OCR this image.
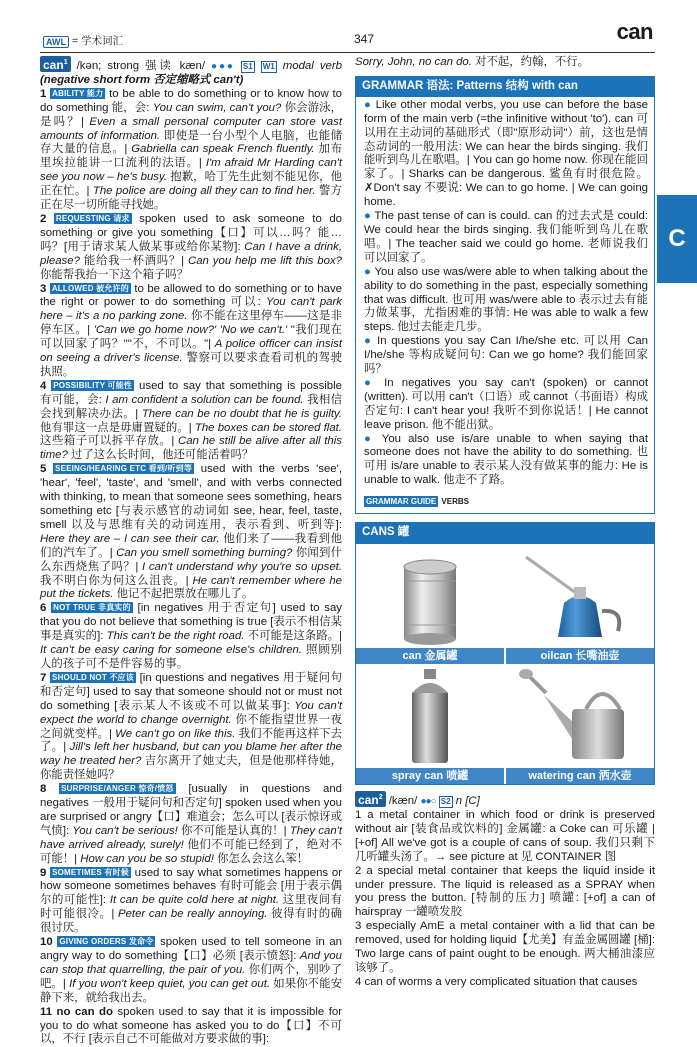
AWL = 学术词汇	347	can
C

can$^1$ /kən; strong 强读 kæn/ ●●● S1 W1 modal verb (negative short form 否定缩略式 can't)

1 ABILITY 能力 to be able to do something or to know how to do something 能，会: You can swim, can't you? 你会游泳，是吗？| Even a small personal computer can store vast amounts of information. 即使是一台小型个人电脑，也能储存大量的信息。| Gabriella can speak French fluently. 加布里埃拉能讲一口流利的法语。| I'm afraid Mr Harding can't see you now – he's busy. 抱歉，哈丁先生此刻不能见你，他正在忙。| The police are doing all they can to find her. 警方正在尽一切所能寻找她。

2 REQUESTING 请求 spoken used to ask someone to do something or give you something【口】可以…吗？能…吗？[用于请求某人做某事或给你某物]: Can I have a drink, please? 能给我一杯酒吗？| Can you help me lift this box? 你能帮我抬一下这个箱子吗？

3 ALLOWED 被允许的 to be allowed to do something or to have the right or power to do something 可以: You can't park here – it's a no parking zone. 你不能在这里停车——这是非停车区。| 'Can we go home now?' 'No we can't.' "我们现在可以回家了吗？""不，不可以。"| A police officer can insist on seeing a driver's license. 警察可以要求查看司机的驾驶执照。

4 POSSIBILITY 可能性 used to say that something is possible 有可能，会: I am confident a solution can be found. 我相信会找到解决办法。| There can be no doubt that he is guilty. 他有罪这一点是毋庸置疑的。| The boxes can be stored flat. 这些箱子可以拆平存放。| Can he still be alive after all this time? 过了这么长时间，他还可能活着吗？

5 SEEING/HEARING ETC 看到/听到等 used with the verbs 'see', 'hear', 'feel', 'taste', and 'smell', and with verbs connected with thinking, to mean that someone sees something, hears something etc [与表示感官的动词如 see, hear, feel, taste, smell 以及与思维有关的动词连用，表示看到、听到等]: Here they are – I can see their car. 他们来了——我看到他们的汽车了。| Can you smell something burning? 你闻到什么东西烧焦了吗？| I can't understand why you're so upset. 我不明白你为何这么沮丧。| He can't remember where he put the tickets. 他记不起把票放在哪儿了。

6 NOT TRUE 非真实的 [in negatives 用于否定句] used to say that you do not believe that something is true [表示不相信某事是真实的]: This can't be the right road. 不可能是这条路。| It can't be easy caring for someone else's children. 照顾别人的孩子可不是件容易的事。

7 SHOULD NOT 不应该 [in questions and negatives 用于疑问句和否定句] used to say that someone should not or must not do something [表示某人不该或不可以做某事]: You can't expect the world to change overnight. 你不能指望世界一夜之间就变样。| We can't go on like this. 我们不能再这样下去了。| Jill's left her husband, but can you blame her after the way he treated her? 吉尔离开了她丈夫，但是他那样待她，你能责怪她吗？

8 SURPRISE/ANGER 惊奇/愤怒 [usually in questions and negatives 一般用于疑问句和否定句] spoken used when you are surprised or angry【口】难道会；怎么可以 [表示惊讶或气愤]: You can't be serious! 你不可能是认真的！| They can't have arrived already, surely! 他们不可能已经到了，绝对不可能！| How can you be so stupid! 你怎么会这么笨！

9 SOMETIMES 有时候 used to say what sometimes happens or how someone sometimes behaves 有时可能会 [用于表示偶尔的可能性]: It can be quite cold here at night. 这里夜间有时可能很冷。| Peter can be really annoying. 彼得有时的确很讨厌。

10 GIVING ORDERS 发命令 spoken used to tell someone in an angry way to do something【口】必须 [表示愤怒]: And you can stop that quarrelling, the pair of you. 你们两个，别吵了吧。| If you won't keep quiet, you can get out. 如果你不能安静下来，就给我出去。

11 no can do spoken used to say that it is impossible for you to do what someone has asked you to do【口】不可以，不行 [表示自己不可能做对方要求做的事]:

Sorry, John, no can do. 对不起，约翰，不行。

GRAMMAR 语法: Patterns 结构 with can

● Like other modal verbs, you use can before the base form of the main verb (=the infinitive without 'to'). can 可以用在主动词的基础形式（即"原形动词"）前，这也是情态动词的一般用法: We can hear the birds singing. 我们能听到鸟儿在歌唱。| You can go home now. 你现在能回家了。| Sharks can be dangerous. 鲨鱼有时很危险。✗Don't say 不要说: We can to go home. | We can going home.

● The past tense of can is could. can 的过去式是 could: We could hear the birds singing. 我们能听到鸟儿在歌唱。| The teacher said we could go home. 老师说我们可以回家了。

● You also use was/were able to when talking about the ability to do something in the past, especially something that was difficult. 也可用 was/were able to 表示过去有能力做某事，尤指困难的事情: He was able to walk a few steps. 他过去能走几步。

● In questions you say Can I/he/she etc. 可以用 Can I/he/she 等构成疑问句: Can we go home? 我们能回家吗？

● In negatives you say can't (spoken) or cannot (written). 可以用 can't（口语）或 cannot（书面语）构成否定句: I can't hear you! 我听不到你说话！| He cannot leave prison. 他不能出狱。

● You also use is/are unable to when saying that someone does not have the ability to do something. 也可用 is/are unable to 表示某人没有做某事的能力: He is unable to walk. 他走不了路。

GRAMMAR GUIDE VERBS
CANS 罐
can 金属罐	oilcan 长嘴油壶
spray can 喷罐	watering can 洒水壶

can$^2$ /kæn/ ●●○ S2 n [C]

1 a metal container in which food or drink is preserved without air [装食品或饮料的] 金属罐: a Coke can 可乐罐 | [+of] All we've got is a couple of cans of soup. 我们只剩下几听罐头汤了。→ see picture at 见 CONTAINER 图

2 a special metal container that keeps the liquid inside it under pressure. The liquid is released as a SPRAY when you press the button. [特制的压力] 喷罐: [+of] a can of hairspray 一罐喷发胶

3 especially AmE a metal container with a lid that can be removed, used for holding liquid【尤美】有盖金属圆罐 [桶]: Two large cans of paint ought to be enough. 两大桶油漆应该够了。

4 can of worms a very complicated situation that causes
